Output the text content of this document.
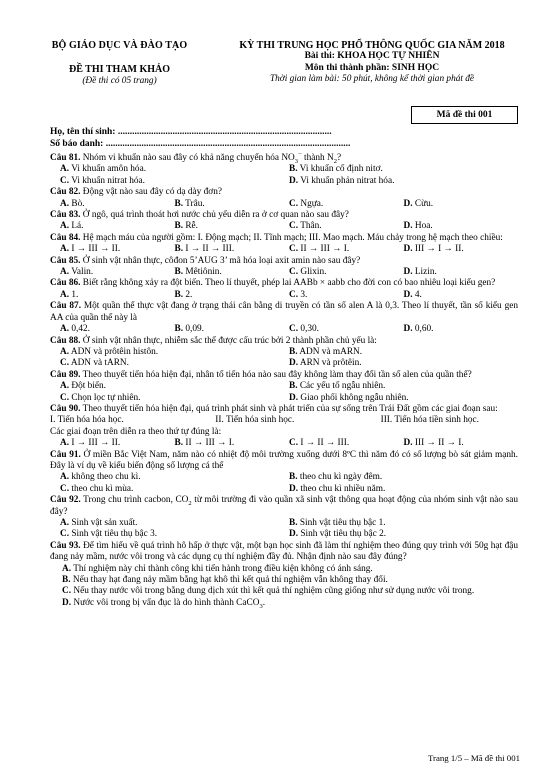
BỘ GIÁO DỤC VÀ ĐÀO TẠO
ĐỀ THI THAM KHẢO
(Đề thi có 05 trang)
KỲ THI TRUNG HỌC PHỔ THÔNG QUỐC GIA NĂM 2018
Bài thi: KHOA HỌC TỰ NHIÊN
Môn thi thành phần: SINH HỌC
Thời gian làm bài: 50 phút, không kể thời gian phát đề
Mã đề thi 001
Họ, tên thí sinh: ..........................................................................................
Số báo danh: .......................................................................................................

Câu 81. Nhóm vi khuẩn nào sau đây có khả năng chuyển hóa $NO_3^-$ thành $N_2$?

A. Vi khuẩn amôn hóa.	B. Vi khuẩn cố định nitơ.
C. Vi khuẩn nitrat hóa.	D. Vi khuẩn phản nitrat hóa.

Câu 82. Động vật nào sau đây có dạ dày đơn?

A. Bò.	B. Trâu.	C. Ngựa.	D. Cừu.

Câu 83. Ở ngô, quá trình thoát hơi nước chủ yếu diễn ra ở cơ quan nào sau đây?

A. Lá.	B. Rễ.	C. Thân.	D. Hoa.

Câu 84. Hệ mạch máu của người gồm: I. Động mạch; II. Tĩnh mạch; III. Mao mạch. Máu chảy trong hệ mạch theo chiều:

A. I → III → II.	B. I → II → III.	C. II → III → I.	D. III → I → II.

Câu 85. Ở sinh vật nhân thực, côđon 5’AUG 3’ mã hóa loại axit amin nào sau đây?

A. Valin.	B. Mêtiônin.	C. Glixin.	D. Lizin.

Câu 86. Biết rằng không xảy ra đột biến. Theo lí thuyết, phép lai AABb × aabb cho đời con có bao nhiêu loại kiểu gen?

A. 1.	B. 2.	C. 3.	D. 4.

Câu 87. Một quần thể thực vật đang ở trạng thái cân bằng di truyền có tần số alen A là 0,3. Theo lí thuyết, tần số kiểu gen AA của quần thể này là

A. 0,42.	B. 0,09.	C. 0,30.	D. 0,60.

Câu 88. Ở sinh vật nhân thực, nhiễm sắc thể được cấu trúc bởi 2 thành phần chủ yếu là:

A. ADN và prôtêin histôn.	B. ADN và mARN.
C. ADN và tARN.	D. ARN và prôtêin.

Câu 89. Theo thuyết tiến hóa hiện đại, nhân tố tiến hóa nào sau đây không làm thay đổi tần số alen của quần thể?

A. Đột biến.	B. Các yếu tố ngẫu nhiên.
C. Chọn lọc tự nhiên.	D. Giao phối không ngẫu nhiên.

Câu 90. Theo thuyết tiến hóa hiện đại, quá trình phát sinh và phát triển của sự sống trên Trái Đất gồm các giai đoạn sau:

I. Tiến hóa hóa học.	II. Tiến hóa sinh học.	III. Tiến hóa tiền sinh học.

Các giai đoạn trên diễn ra theo thứ tự đúng là:

A. I → III → II.	B. II → III → I.	C. I → II → III.	D. III → II → I.

Câu 91. Ở miền Bắc Việt Nam, năm nào có nhiệt độ môi trường xuống dưới 8ºC thì năm đó có số lượng bò sát giảm mạnh. Đây là ví dụ về kiểu biến động số lượng cá thể

A. không theo chu kì.	B. theo chu kì ngày đêm.
C. theo chu kì mùa.	D. theo chu kì nhiều năm.

Câu 92. Trong chu trình cacbon, $CO_2$ từ môi trường đi vào quần xã sinh vật thông qua hoạt động của nhóm sinh vật nào sau đây?

A. Sinh vật sản xuất.	B. Sinh vật tiêu thụ bậc 1.
C. Sinh vật tiêu thụ bậc 3.	D. Sinh vật tiêu thụ bậc 2.

Câu 93. Để tìm hiểu về quá trình hô hấp ở thực vật, một bạn học sinh đã làm thí nghiệm theo đúng quy trình với 50g hạt đậu đang nảy mầm, nước vôi trong và các dụng cụ thí nghiệm đầy đủ. Nhận định nào sau đây đúng?

A. Thí nghiệm này chỉ thành công khi tiến hành trong điều kiện không có ánh sáng.

B. Nếu thay hạt đang nảy mầm bằng hạt khô thì kết quả thí nghiệm vẫn không thay đổi.

C. Nếu thay nước vôi trong bằng dung dịch xút thì kết quả thí nghiệm cũng giống như sử dụng nước vôi trong.

D. Nước vôi trong bị vẩn đục là do hình thành CaCO$_3$.

Trang 1/5 – Mã đề thi 001
